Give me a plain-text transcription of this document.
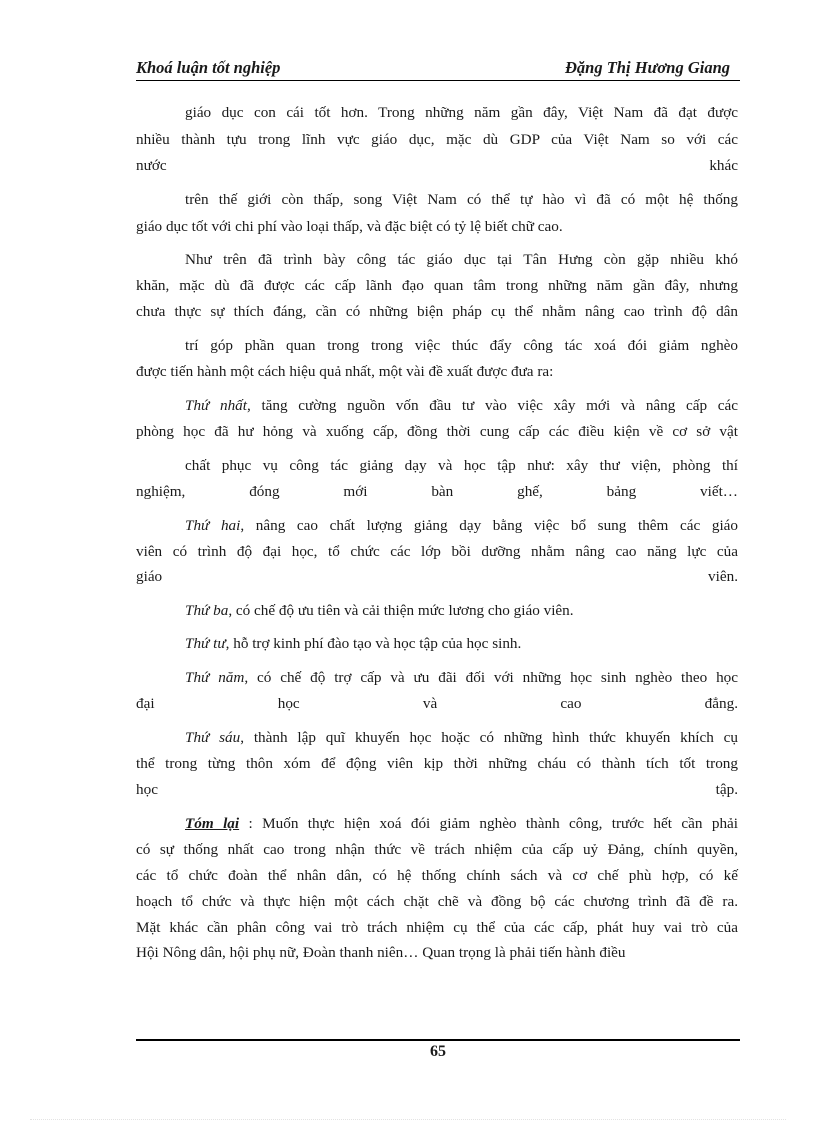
Khoá luận tốt nghiệp	Đặng Thị Hương Giang
giáo dục con cái tốt hơn. Trong những năm gần đây, Việt Nam đã đạt được
nhiều thành tựu trong lĩnh vực giáo dục, mặc dù GDP của Việt Nam so với các
nước khác
trên thế giới còn thấp, song Việt Nam có thể tự hào vì đã có một hệ thống
giáo dục tốt với chi phí vào loại thấp, và đặc biệt có tỷ lệ biết chữ cao.
Như trên đã trình bày công tác giáo dục tại Tân Hưng còn gặp nhiều khó
khăn, mặc dù đã được các cấp lãnh đạo quan tâm trong những năm gần đây, nhưng
chưa thực sự thích đáng, cần có những biện pháp cụ thể nhằm nâng cao trình độ dân
trí góp phần quan trong trong việc thúc đẩy công tác xoá đói giảm nghèo
được tiến hành một cách hiệu quả nhất, một vài đề xuất được đưa ra:
Thứ nhất, tăng cường nguồn vốn đầu tư vào việc xây mới và nâng cấp các
phòng học đã hư hỏng và xuống cấp, đồng thời cung cấp các điều kiện về cơ sở vật
chất phục vụ công tác giảng dạy và học tập như: xây thư viện, phòng thí
nghiệm, đóng mới bàn ghế, bảng viết…
Thứ hai, nâng cao chất lượng giảng dạy bằng việc bổ sung thêm các giáo
viên có trình độ đại học, tổ chức các lớp bồi dưỡng nhằm nâng cao năng lực của
giáo viên.
Thứ ba, có chế độ ưu tiên và cải thiện mức lương cho giáo viên.
Thứ tư, hỗ trợ kinh phí đào tạo và học tập của học sinh.
Thứ năm, có chế độ trợ cấp và ưu đãi đối với những học sinh nghèo theo học
đại học và cao đẳng.
Thứ sáu, thành lập quĩ khuyến học hoặc có những hình thức khuyến khích cụ
thể trong từng thôn xóm để động viên kịp thời những cháu có thành tích tốt trong
học tập.
Tóm lại : Muốn thực hiện xoá đói giảm nghèo thành công, trước hết cần phải
có sự thống nhất cao trong nhận thức về trách nhiệm của cấp uỷ Đảng, chính quyền,
các tổ chức đoàn thể nhân dân, có hệ thống chính sách và cơ chế phù hợp, có kế
hoạch tổ chức và thực hiện một cách chặt chẽ và đồng bộ các chương trình đã đề ra.
Mặt khác cần phân công vai trò trách nhiệm cụ thể của các cấp, phát huy vai trò của
Hội Nông dân, hội phụ nữ, Đoàn thanh niên… Quan trọng là phải tiến hành điều
65
